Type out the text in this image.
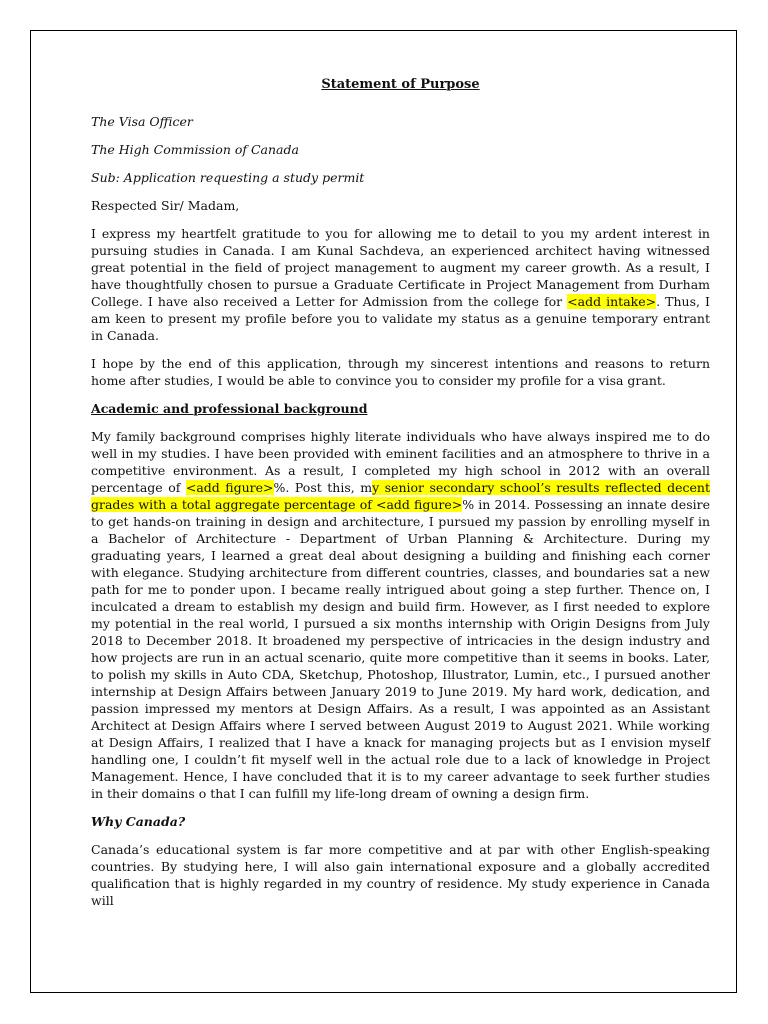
Statement of Purpose
The Visa Officer
The High Commission of Canada
Sub: Application requesting a study permit
Respected Sir/ Madam,
I express my heartfelt gratitude to you for allowing me to detail to you my ardent interest in pursuing studies in Canada. I am Kunal Sachdeva, an experienced architect having witnessed great potential in the field of project management to augment my career growth. As a result, I have thoughtfully chosen to pursue a Graduate Certificate in Project Management from Durham College. I have also received a Letter for Admission from the college for <add intake>. Thus, I am keen to present my profile before you to validate my status as a genuine temporary entrant in Canada.
I hope by the end of this application, through my sincerest intentions and reasons to return home after studies, I would be able to convince you to consider my profile for a visa grant.
Academic and professional background
My family background comprises highly literate individuals who have always inspired me to do well in my studies. I have been provided with eminent facilities and an atmosphere to thrive in a competitive environment. As a result, I completed my high school in 2012 with an overall percentage of <add figure>%. Post this, my senior secondary school’s results reflected decent grades with a total aggregate percentage of <add figure>% in 2014. Possessing an innate desire to get hands-on training in design and architecture, I pursued my passion by enrolling myself in a Bachelor of Architecture - Department of Urban Planning & Architecture. During my graduating years, I learned a great deal about designing a building and finishing each corner with elegance. Studying architecture from different countries, classes, and boundaries sat a new path for me to ponder upon. I became really intrigued about going a step further. Thence on, I inculcated a dream to establish my design and build firm. However, as I first needed to explore my potential in the real world, I pursued a six months internship with Origin Designs from July 2018 to December 2018. It broadened my perspective of intricacies in the design industry and how projects are run in an actual scenario, quite more competitive than it seems in books. Later, to polish my skills in Auto CDA, Sketchup, Photoshop, Illustrator, Lumin, etc., I pursued another internship at Design Affairs between January 2019 to June 2019. My hard work, dedication, and passion impressed my mentors at Design Affairs. As a result, I was appointed as an Assistant Architect at Design Affairs where I served between August 2019 to August 2021. While working at Design Affairs, I realized that I have a knack for managing projects but as I envision myself handling one, I couldn’t fit myself well in the actual role due to a lack of knowledge in Project Management. Hence, I have concluded that it is to my career advantage to seek further studies in their domains o that I can fulfill my life-long dream of owning a design firm.
Why Canada?
Canada’s educational system is far more competitive and at par with other English-speaking countries. By studying here, I will also gain international exposure and a globally accredited qualification that is highly regarded in my country of residence. My study experience in Canada will
